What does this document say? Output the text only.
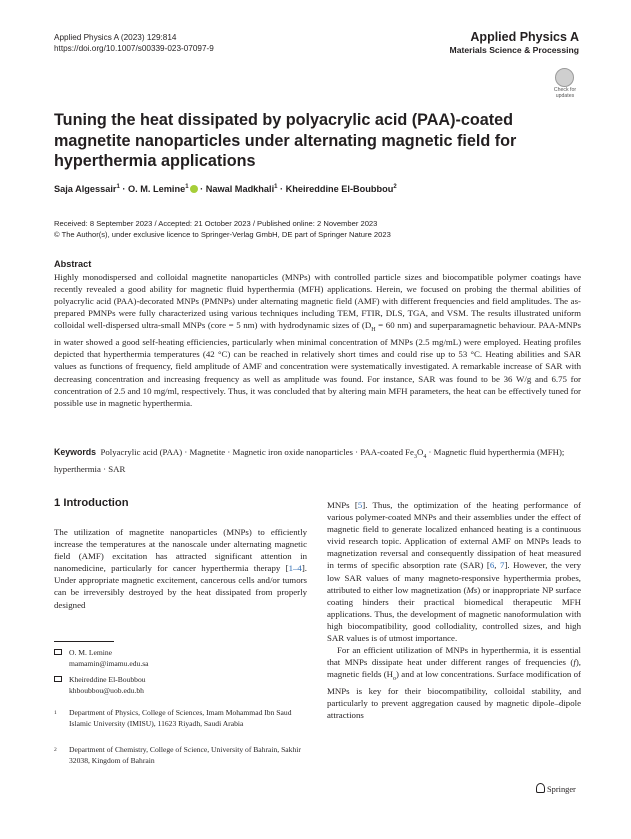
Applied Physics A (2023) 129:814
https://doi.org/10.1007/s00339-023-07097-9
Applied Physics A
Materials Science & Processing
Check for
updates
Tuning the heat dissipated by polyacrylic acid (PAA)-coated magnetite nanoparticles under alternating magnetic field for hyperthermia applications
Saja Algessair$^1$ · O. M. Lemine$^1$ · Nawal Madkhali$^1$ · Kheireddine El-Boubbou$^2$
Received: 8 September 2023 / Accepted: 21 October 2023 / Published online: 2 November 2023
© The Author(s), under exclusive licence to Springer-Verlag GmbH, DE part of Springer Nature 2023
Abstract
Highly monodispersed and colloidal magnetite nanoparticles (MNPs) with controlled particle sizes and biocompatible polymer coatings have recently revealed a good ability for magnetic fluid hyperthermia (MFH) applications. Herein, we focused on probing the thermal abilities of polyacrylic acid (PAA)-decorated MNPs (PMNPs) under alternating magnetic field (AMF) with different frequencies and field amplitudes. The as-prepared PMNPs were fully characterized using various techniques including TEM, FTIR, DLS, TGA, and VSM. The results illustrated uniform colloidal well-dispersed ultra-small MNPs (core = 5 nm) with hydrodynamic sizes of ($D_H = 60$ nm) and superparamagnetic behaviour. PAA-MNPs in water showed a good self-heating efficiencies, particularly when minimal concentration of MNPs (2.5 mg/mL) were employed. Heating profiles depicted that hyperthermia temperatures (42 °C) can be reached in relatively short times and could rise up to 53 °C. Heating abilities and SAR values as functions of frequency, field amplitude of AMF and concentration were systematically investigated. A remarkable increase of SAR with decreasing concentration and increasing frequency as well as amplitude was found. For instance, SAR was found to be 36 W/g and 6.75 for concentration of 2.5 and 10 mg/ml, respectively. Thus, it was concluded that by altering main MFH parameters, the heat can be effectively tuned for possible use in magnetic hyperthermia.
Keywords Polyacrylic acid (PAA) · Magnetite · Magnetic iron oxide nanoparticles · PAA-coated $Fe_3O_4$ · Magnetic fluid hyperthermia (MFH); hyperthermia · SAR
1 Introduction
The utilization of magnetite nanoparticles (MNPs) to efficiently increase the temperatures at the nanoscale under alternating magnetic field (AMF) excitation has attracted significant attention in nanomedicine, particularly for cancer hyperthermia therapy [1–4]. Under appropriate magnetic excitement, cancerous cells and/or tumors can be irreversibly destroyed by the heat dissipated from properly designed

MNPs [5]. Thus, the optimization of the heating performance of various polymer-coated MNPs and their assemblies under the effect of magnetic field to generate localized enhanced heating is a continuous vivid research topic. Application of external AMF on MNPs leads to magnetization reversal and consequently dissipation of heat measured in terms of specific absorption rate (SAR) [6, 7]. However, the very low SAR values of many magneto-responsive hyperthermia probes, attributed to either low magnetization (Ms) or inappropriate NP surface coating hinders their practical biomedical therapeutic MFH applications. Thus, the development of magnetic nanoformulation with high biocompatibility, good collodiality, controlled sizes, and high SAR values is of utmost importance.

For an efficient utilization of MNPs in hyperthermia, it is essential that MNPs dissipate heat under different ranges of frequencies (f), magnetic fields $(H_o)$ and at low concentrations. Surface modification of MNPs is key for their biocompatibility, colloidal stability, and particularly to prevent aggregation caused by magnetic dipole–dipole attractions

O. M. Lemine
mamamin@imamu.edu.sa
Kheireddine El-Boubbou
khboubbou@uob.edu.bh
1 Department of Physics, College of Sciences, Imam Mohammad Ibn Saud Islamic University (IMISU), 11623 Riyadh, Saudi Arabia
2 Department of Chemistry, College of Science, University of Bahrain, Sakhir 32038, Kingdom of Bahrain
Springer
